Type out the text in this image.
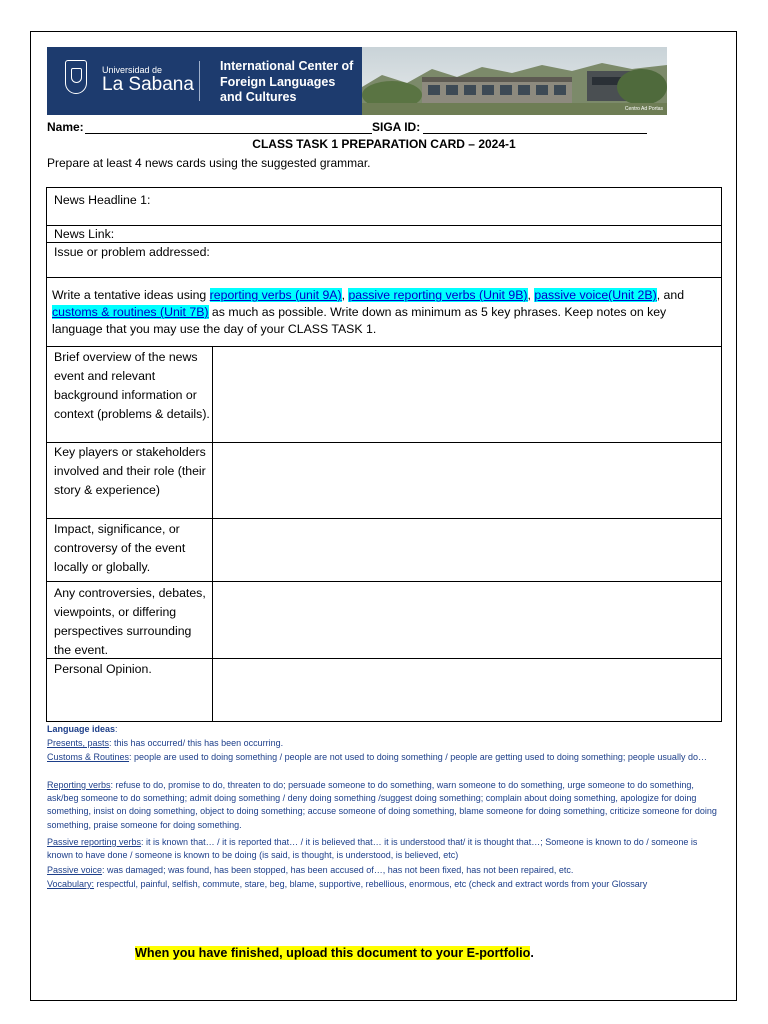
Universidad de
La Sabana
International Center of
Foreign Languages
and Cultures
Centro Ad Portas
Name:	SIGA ID:
CLASS TASK 1 PREPARATION CARD – 2024-1
Prepare at least 4 news cards using the suggested grammar.
News Headline 1:
News Link:
Issue or problem addressed:
Write a tentative ideas using reporting verbs (unit 9A), passive reporting verbs (Unit 9B), passive voice(Unit 2B), and customs & routines (Unit 7B) as much as possible. Write down as minimum as 5 key phrases. Keep notes on key language that you may use the day of your CLASS TASK 1.
Brief overview of the news event and relevant background information or context (problems & details).
Key players or stakeholders involved and their role (their story & experience)
Impact, significance, or controversy of the event locally or globally.
Any controversies, debates, viewpoints, or differing perspectives surrounding the event.
Personal Opinion.
Language ideas:
Presents, pasts: this has occurred/ this has been occurring.
Customs & Routines: people are used to doing something / people are not used to doing something / people are getting used to doing something; people usually do…
Reporting verbs: refuse to do, promise to do, threaten to do; persuade someone to do something, warn someone to do something, urge someone to do something, ask/beg someone to do something; admit doing something / deny doing something /suggest doing something; complain about doing something, apologize for doing something, insist on doing something, object to doing something; accuse someone of doing something, blame someone for doing something, criticize someone for doing something, praise someone for doing something.
Passive reporting verbs: it is known that… / it is reported that… / it is believed that… it is understood that/ it is thought that…; Someone is known to do / someone is known to have done / someone is known to be doing (is said, is thought, is understood, is believed, etc)
Passive voice: was damaged; was found, has been stopped, has been accused of…, has not been fixed, has not been repaired, etc.
Vocabulary: respectful, painful, selfish, commute, stare, beg, blame, supportive, rebellious, enormous, etc (check and extract words from your Glossary
When you have finished, upload this document to your E-portfolio.
